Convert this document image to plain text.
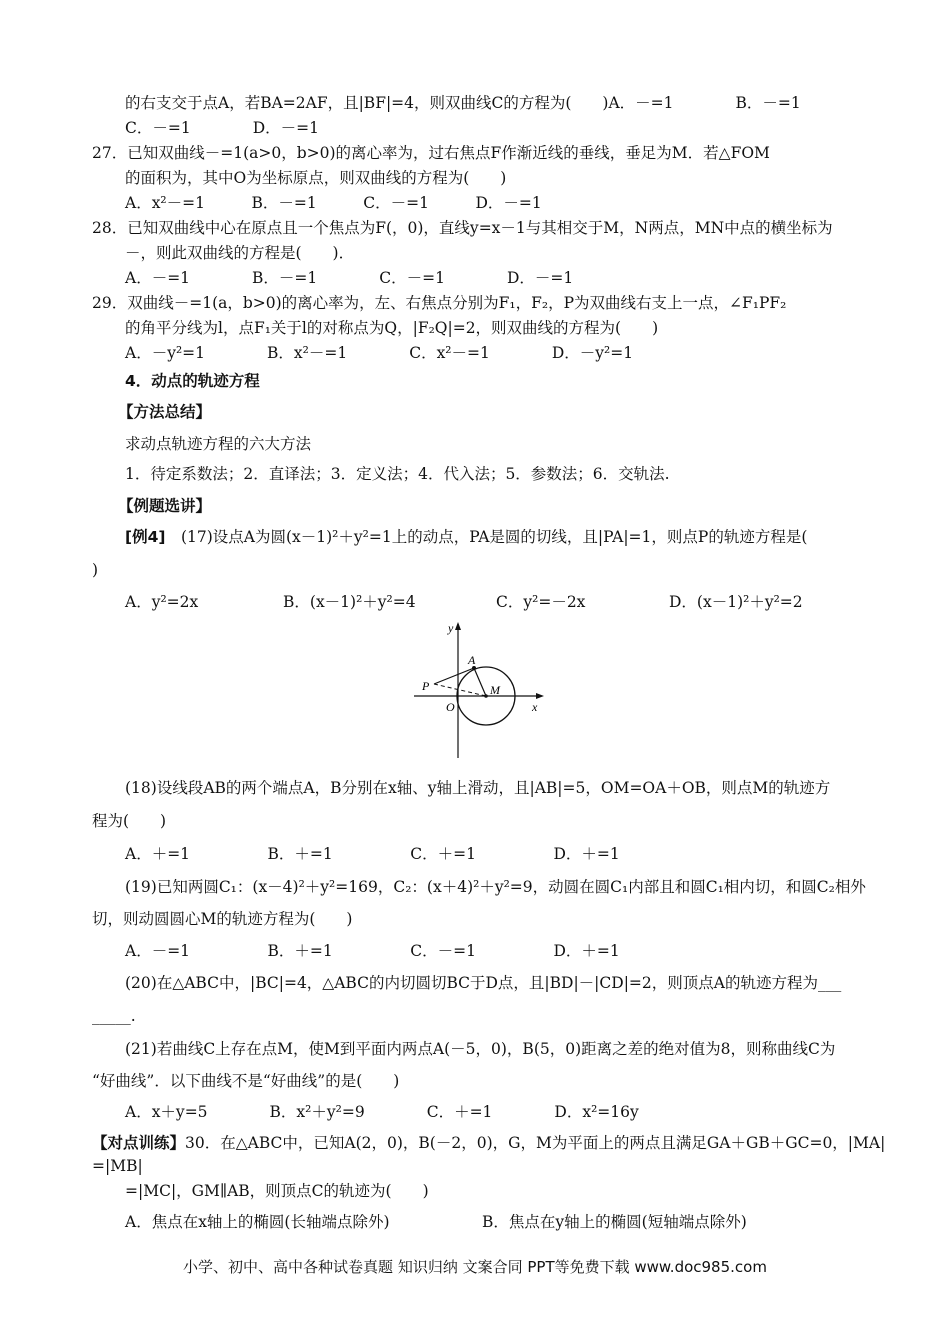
的右支交于点A，若BA=2AF，且|BF|=4，则双曲线C的方程为(　　)A．－=1　　　　B．－=1
C．－=1　　　　D．－=1
27．已知双曲线－=1(a>0，b>0)的离心率为，过右焦点F作渐近线的垂线，垂足为M．若△FOM
的面积为，其中O为坐标原点，则双曲线的方程为(　　)
A．x²－=1　　　B．－=1　　　C．－=1　　　D．－=1
28．已知双曲线中心在原点且一个焦点为F(，0)，直线y=x－1与其相交于M，N两点，MN中点的横坐标为
－，则此双曲线的方程是(　　)．
A．－=1　　　　B．－=1　　　　C．－=1　　　　D．－=1
29．双曲线－=1(a，b>0)的离心率为，左、右焦点分别为F₁，F₂，P为双曲线右支上一点，∠F₁PF₂
的角平分线为l，点F₁关于l的对称点为Q，|F₂Q|=2，则双曲线的方程为(　　)
A．－y²=1　　　　B．x²－=1　　　　C．x²－=1　　　　D．－y²=1
4．动点的轨迹方程
【方法总结】
求动点轨迹方程的六大方法
1．待定系数法；2．直译法；3．定义法；4．代入法；5．参数法；6．交轨法.
【例题选讲】
[例4]　(17)设点A为圆(x－1)²＋y²=1上的动点，PA是圆的切线，且|PA|=1，则点P的轨迹方程是(
)
A．y²=2x	B．(x－1)²＋y²=4	C．y²=－2x	D．(x－1)²＋y²=2
y
A
P	M
O	x
(18)设线段AB的两个端点A，B分别在x轴、y轴上滑动，且|AB|=5，OM=OA＋OB，则点M的轨迹方
程为(　　)
A．＋=1　　　　　B．＋=1　　　　　C．＋=1　　　　　D．＋=1
(19)已知两圆C₁：(x－4)²＋y²=169，C₂：(x＋4)²＋y²=9，动圆在圆C₁内部且和圆C₁相内切，和圆C₂相外
切，则动圆圆心M的轨迹方程为(　　)
A．－=1　　　　　B．＋=1　　　　　C．－=1　　　　　D．＋=1
(20)在△ABC中，|BC|=4，△ABC的内切圆切BC于D点，且|BD|－|CD|=2，则顶点A的轨迹方程为___
_____.
(21)若曲线C上存在点M，使M到平面内两点A(－5，0)，B(5，0)距离之差的绝对值为8，则称曲线C为
“好曲线”．以下曲线不是“好曲线”的是(　　)
A．x＋y=5　　　　B．x²＋y²=9　　　　C．＋=1　　　　D．x²=16y
【对点训练】30．在△ABC中，已知A(2，0)，B(－2，0)，G，M为平面上的两点且满足GA＋GB＋GC=0，|MA|
=|MB|
=|MC|，GM∥AB，则顶点C的轨迹为(　　)
A．焦点在x轴上的椭圆(长轴端点除外)	B．焦点在y轴上的椭圆(短轴端点除外)
小学、初中、高中各种试卷真题 知识归纳 文案合同 PPT等免费下载 www.doc985.com
